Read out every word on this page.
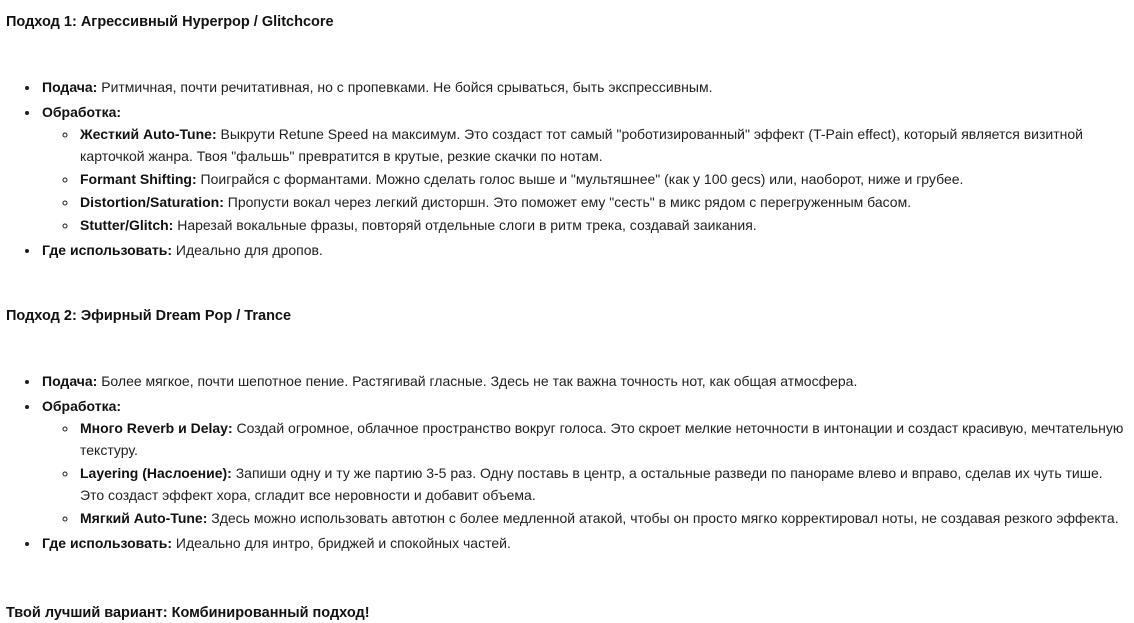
Подход 1: Агрессивный Hyperpop / Glitchcore
• Подача: Ритмичная, почти речитативная, но с пропевками. Не бойся срываться, быть экспрессивным.
• Обработка:
◦ Жесткий Auto-Tune: Выкрути Retune Speed на максимум. Это создаст тот самый "роботизированный" эффект (T-Pain effect), который является визитной карточкой жанра. Твоя "фальшь" превратится в крутые, резкие скачки по нотам.
◦ Formant Shifting: Поиграйся с формантами. Можно сделать голос выше и "мультяшнее" (как у 100 gecs) или, наоборот, ниже и грубее.
◦ Distortion/Saturation: Пропусти вокал через легкий дисторшн. Это поможет ему "сесть" в микс рядом с перегруженным басом.
◦ Stutter/Glitch: Нарезай вокальные фразы, повторяй отдельные слоги в ритм трека, создавай заикания.
• Где использовать: Идеально для дропов.
Подход 2: Эфирный Dream Pop / Trance
• Подача: Более мягкое, почти шепотное пение. Растягивай гласные. Здесь не так важна точность нот, как общая атмосфера.
• Обработка:
◦ Много Reverb и Delay: Создай огромное, облачное пространство вокруг голоса. Это скроет мелкие неточности в интонации и создаст красивую, мечтательную текстуру.
◦ Layering (Наслоение): Запиши одну и ту же партию 3-5 раз. Одну поставь в центр, а остальные разведи по панораме влево и вправо, сделав их чуть тише. Это создаст эффект хора, сгладит все неровности и добавит объема.
◦ Мягкий Auto-Tune: Здесь можно использовать автотюн с более медленной атакой, чтобы он просто мягко корректировал ноты, не создавая резкого эффекта.
• Где использовать: Идеально для интро, бриджей и спокойных частей.
Твой лучший вариант: Комбинированный подход!
